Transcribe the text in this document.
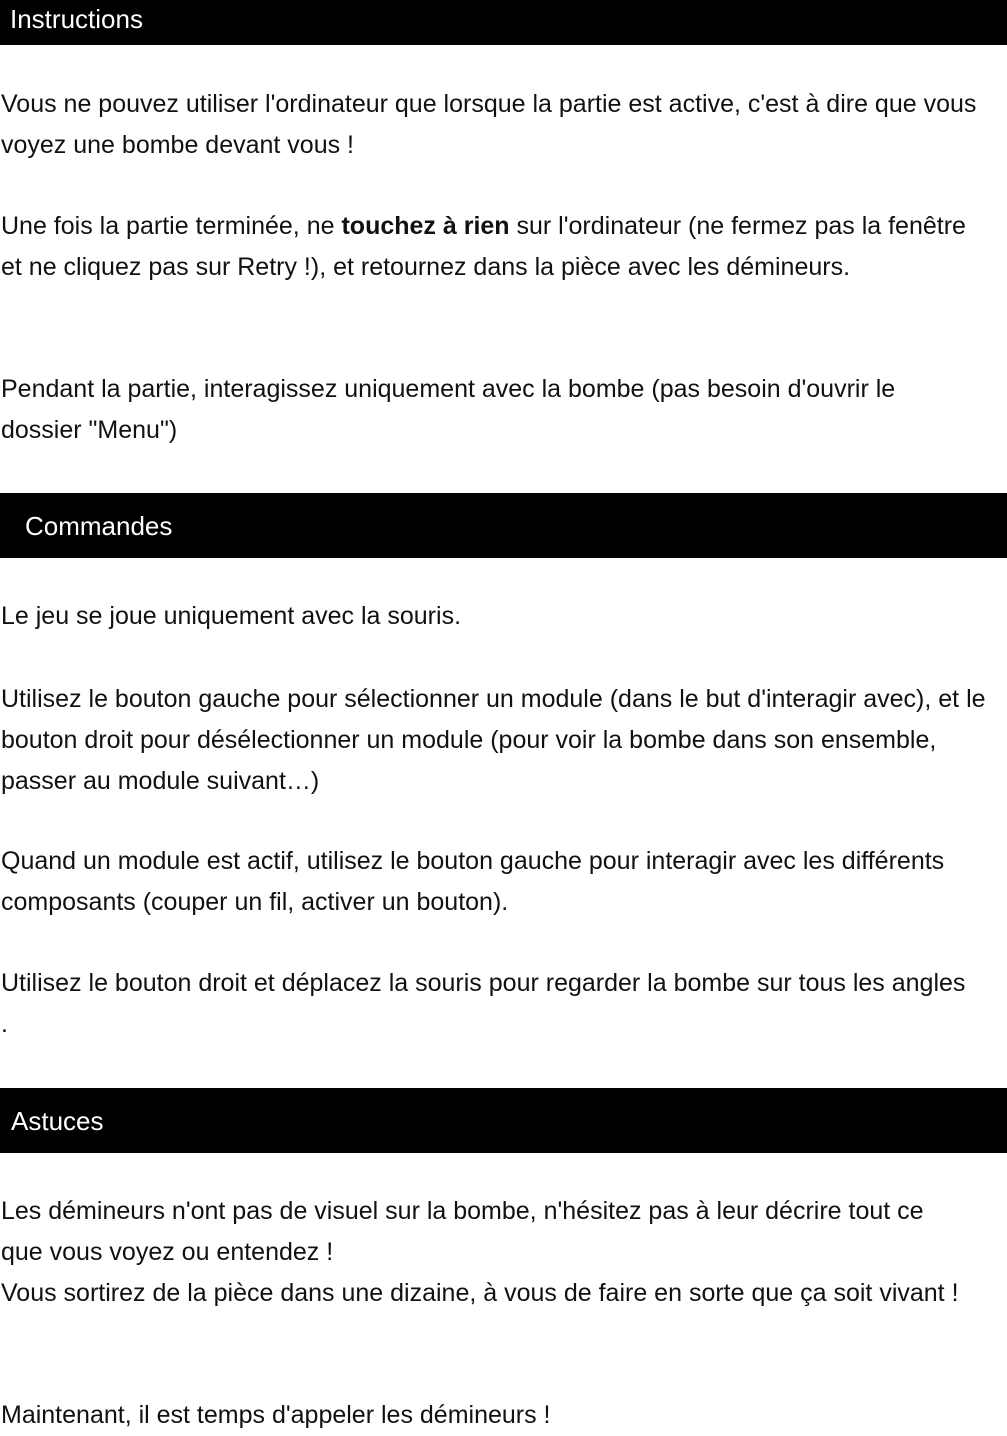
Instructions

Vous ne pouvez utiliser l'ordinateur que lorsque la partie est active, c'est à dire que vous voyez une bombe devant vous !

Une fois la partie terminée, ne touchez à rien sur l'ordinateur (ne fermez pas la fenêtre et ne cliquez pas sur Retry !), et retournez dans la pièce avec les démineurs.

Pendant la partie, interagissez uniquement avec la bombe (pas besoin d'ouvrir le dossier "Menu")

Commandes

Le jeu se joue uniquement avec la souris.

Utilisez le bouton gauche pour sélectionner un module (dans le but d'interagir avec), et le bouton droit pour désélectionner un module (pour voir la bombe dans son ensemble, passer au module suivant…)

Quand un module est actif, utilisez le bouton gauche pour interagir avec les différents composants (couper un fil, activer un bouton).

Utilisez le bouton droit et déplacez la souris pour regarder la bombe sur tous les angles .

Astuces

Les démineurs n'ont pas de visuel sur la bombe, n'hésitez pas à leur décrire tout ce que vous voyez ou entendez !

Vous sortirez de la pièce dans une dizaine, à vous de faire en sorte que ça soit vivant !

Maintenant, il est temps d'appeler les démineurs !
